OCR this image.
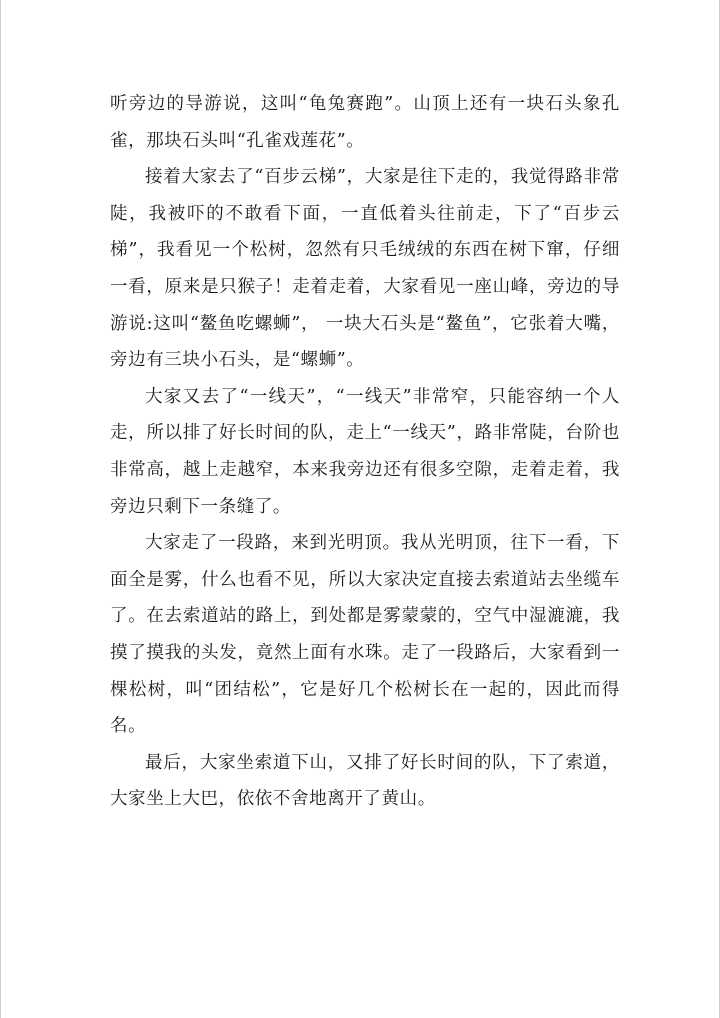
听旁边的导游说，这叫“龟兔赛跑”。山顶上还有一块石头象孔雀，那块石头叫“孔雀戏莲花”。

接着大家去了“百步云梯”，大家是往下走的，我觉得路非常陡，我被吓的不敢看下面，一直低着头往前走，下了“百步云梯”，我看见一个松树，忽然有只毛绒绒的东西在树下窜，仔细一看，原来是只猴子！走着走着，大家看见一座山峰，旁边的导游说:这叫“鳌鱼吃螺蛳”， 一块大石头是“鳌鱼”，它张着大嘴，旁边有三块小石头，是“螺蛳”。

大家又去了“一线天”，“一线天”非常窄，只能容纳一个人走，所以排了好长时间的队，走上“一线天”，路非常陡，台阶也非常高，越上走越窄，本来我旁边还有很多空隙，走着走着，我旁边只剩下一条缝了。

大家走了一段路，来到光明顶。我从光明顶，往下一看，下面全是雾，什么也看不见，所以大家决定直接去索道站去坐缆车了。在去索道站的路上，到处都是雾蒙蒙的，空气中湿漉漉，我摸了摸我的头发，竟然上面有水珠。走了一段路后，大家看到一棵松树，叫“团结松”，它是好几个松树长在一起的，因此而得名。

最后，大家坐索道下山，又排了好长时间的队，下了索道，大家坐上大巴，依依不舍地离开了黄山。
